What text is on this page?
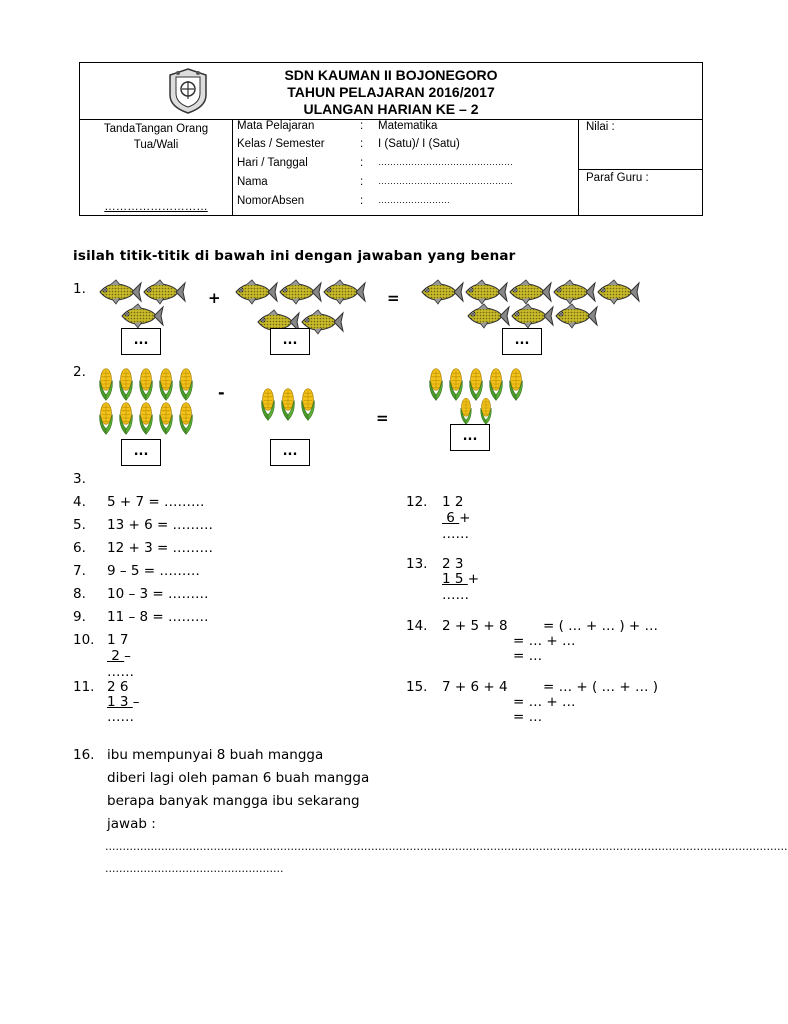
SDN KAUMAN II BOJONEGORO
TAHUN PELAJARAN 2016/2017
ULANGAN HARIAN KE – 2
TandaTangan Orang
Tua/Wali
………………………
Mata Pelajaran	: Matematika
Kelas / Semester	: I (Satu)/ I (Satu)
Hari / Tanggal	: ………………………………………
Nama	: ………………………………………
NomorAbsen	: ……………………
Nilai :
Paraf Guru :
isilah titik-titik di bawah ini dengan jawaban yang benar
1.	+	=
...	...	...
2.
-
=
...	...
...
3.
4. 5 + 7 = ………
5. 13 + 6 = ………
6. 12 + 3 = ………
7. 9 – 5 = ………
8. 10 – 3 = ………
9. 11 – 8 = ………
10. 1 7
2 –
……
11. 2 6
1 3 –
……
12. 1 2
6 +
……
13. 2 3
1 5 +
……
14. 2 + 5 + 8	= ( … + … ) + …
= … + …
= …
15. 7 + 6 + 4	= … + ( … + … )
= … + …
= …
16. ibu mempunyai 8 buah mangga
diberi lagi oleh paman 6 buah mangga
berapa banyak mangga ibu sekarang
jawab :
……………………………………………………………………………………………………………………………………………………………………………
……………………………………………
